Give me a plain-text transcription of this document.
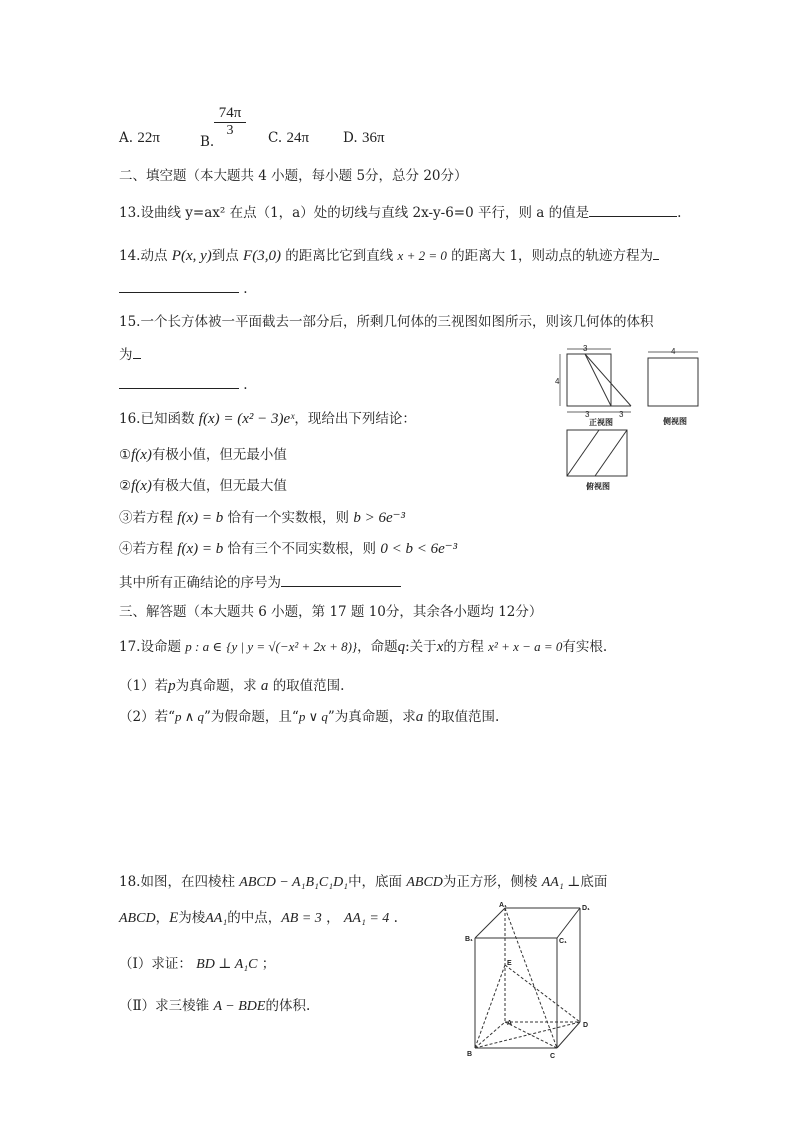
A. 22π	B.
74π
3	C. 24π	D. 36π
二、填空题（本大题共 4 小题，每小题 5分，总分 20分）
13.设曲线 y=ax² 在点（1，a）处的切线与直线 2x-y-6=0 平行，则 a 的值是	.
14.动点 P(x, y)到点 F(3,0) 的距离比它到直线 x + 2 = 0 的距离大 1，则动点的轨迹方程为
.
15.一个长方体被一平面截去一部分后，所剩几何体的三视图如图所示，则该几何体的体积
为
.
3
4
3	3
4
正视图	侧视图
俯视图
16.已知函数 f(x) = (x² − 3)eˣ，现给出下列结论：
①f(x)有极小值，但无最小值
②f(x)有极大值，但无最大值
③若方程 f(x) = b 恰有一个实数根，则 b > 6e⁻³
④若方程 f(x) = b 恰有三个不同实数根，则 0 < b < 6e⁻³
其中所有正确结论的序号为
三、解答题（本大题共 6 小题，第 17 题 10分，其余各小题均 12分）
17.设命题 p : a ∈ {y | y = √(−x² + 2x + 8)}，命题q:关于x的方程 x² + x − a = 0有实根.
（1）若p为真命题，求 a 的取值范围.
（2）若“p ∧ q”为假命题，且“p ∨ q”为真命题，求a 的取值范围.
18.如图，在四棱柱 ABCD − A₁B₁C₁D₁中，底面 ABCD为正方形，侧棱 AA₁ ⊥底面
ABCD，E为棱AA₁的中点，AB = 3 ， AA₁ = 4 .
（Ⅰ）求证： BD ⊥ A₁C ；
（Ⅱ）求三棱锥 A − BDE的体积.
A₁	D₁
B₁	C₁
E
A
B	C
D
